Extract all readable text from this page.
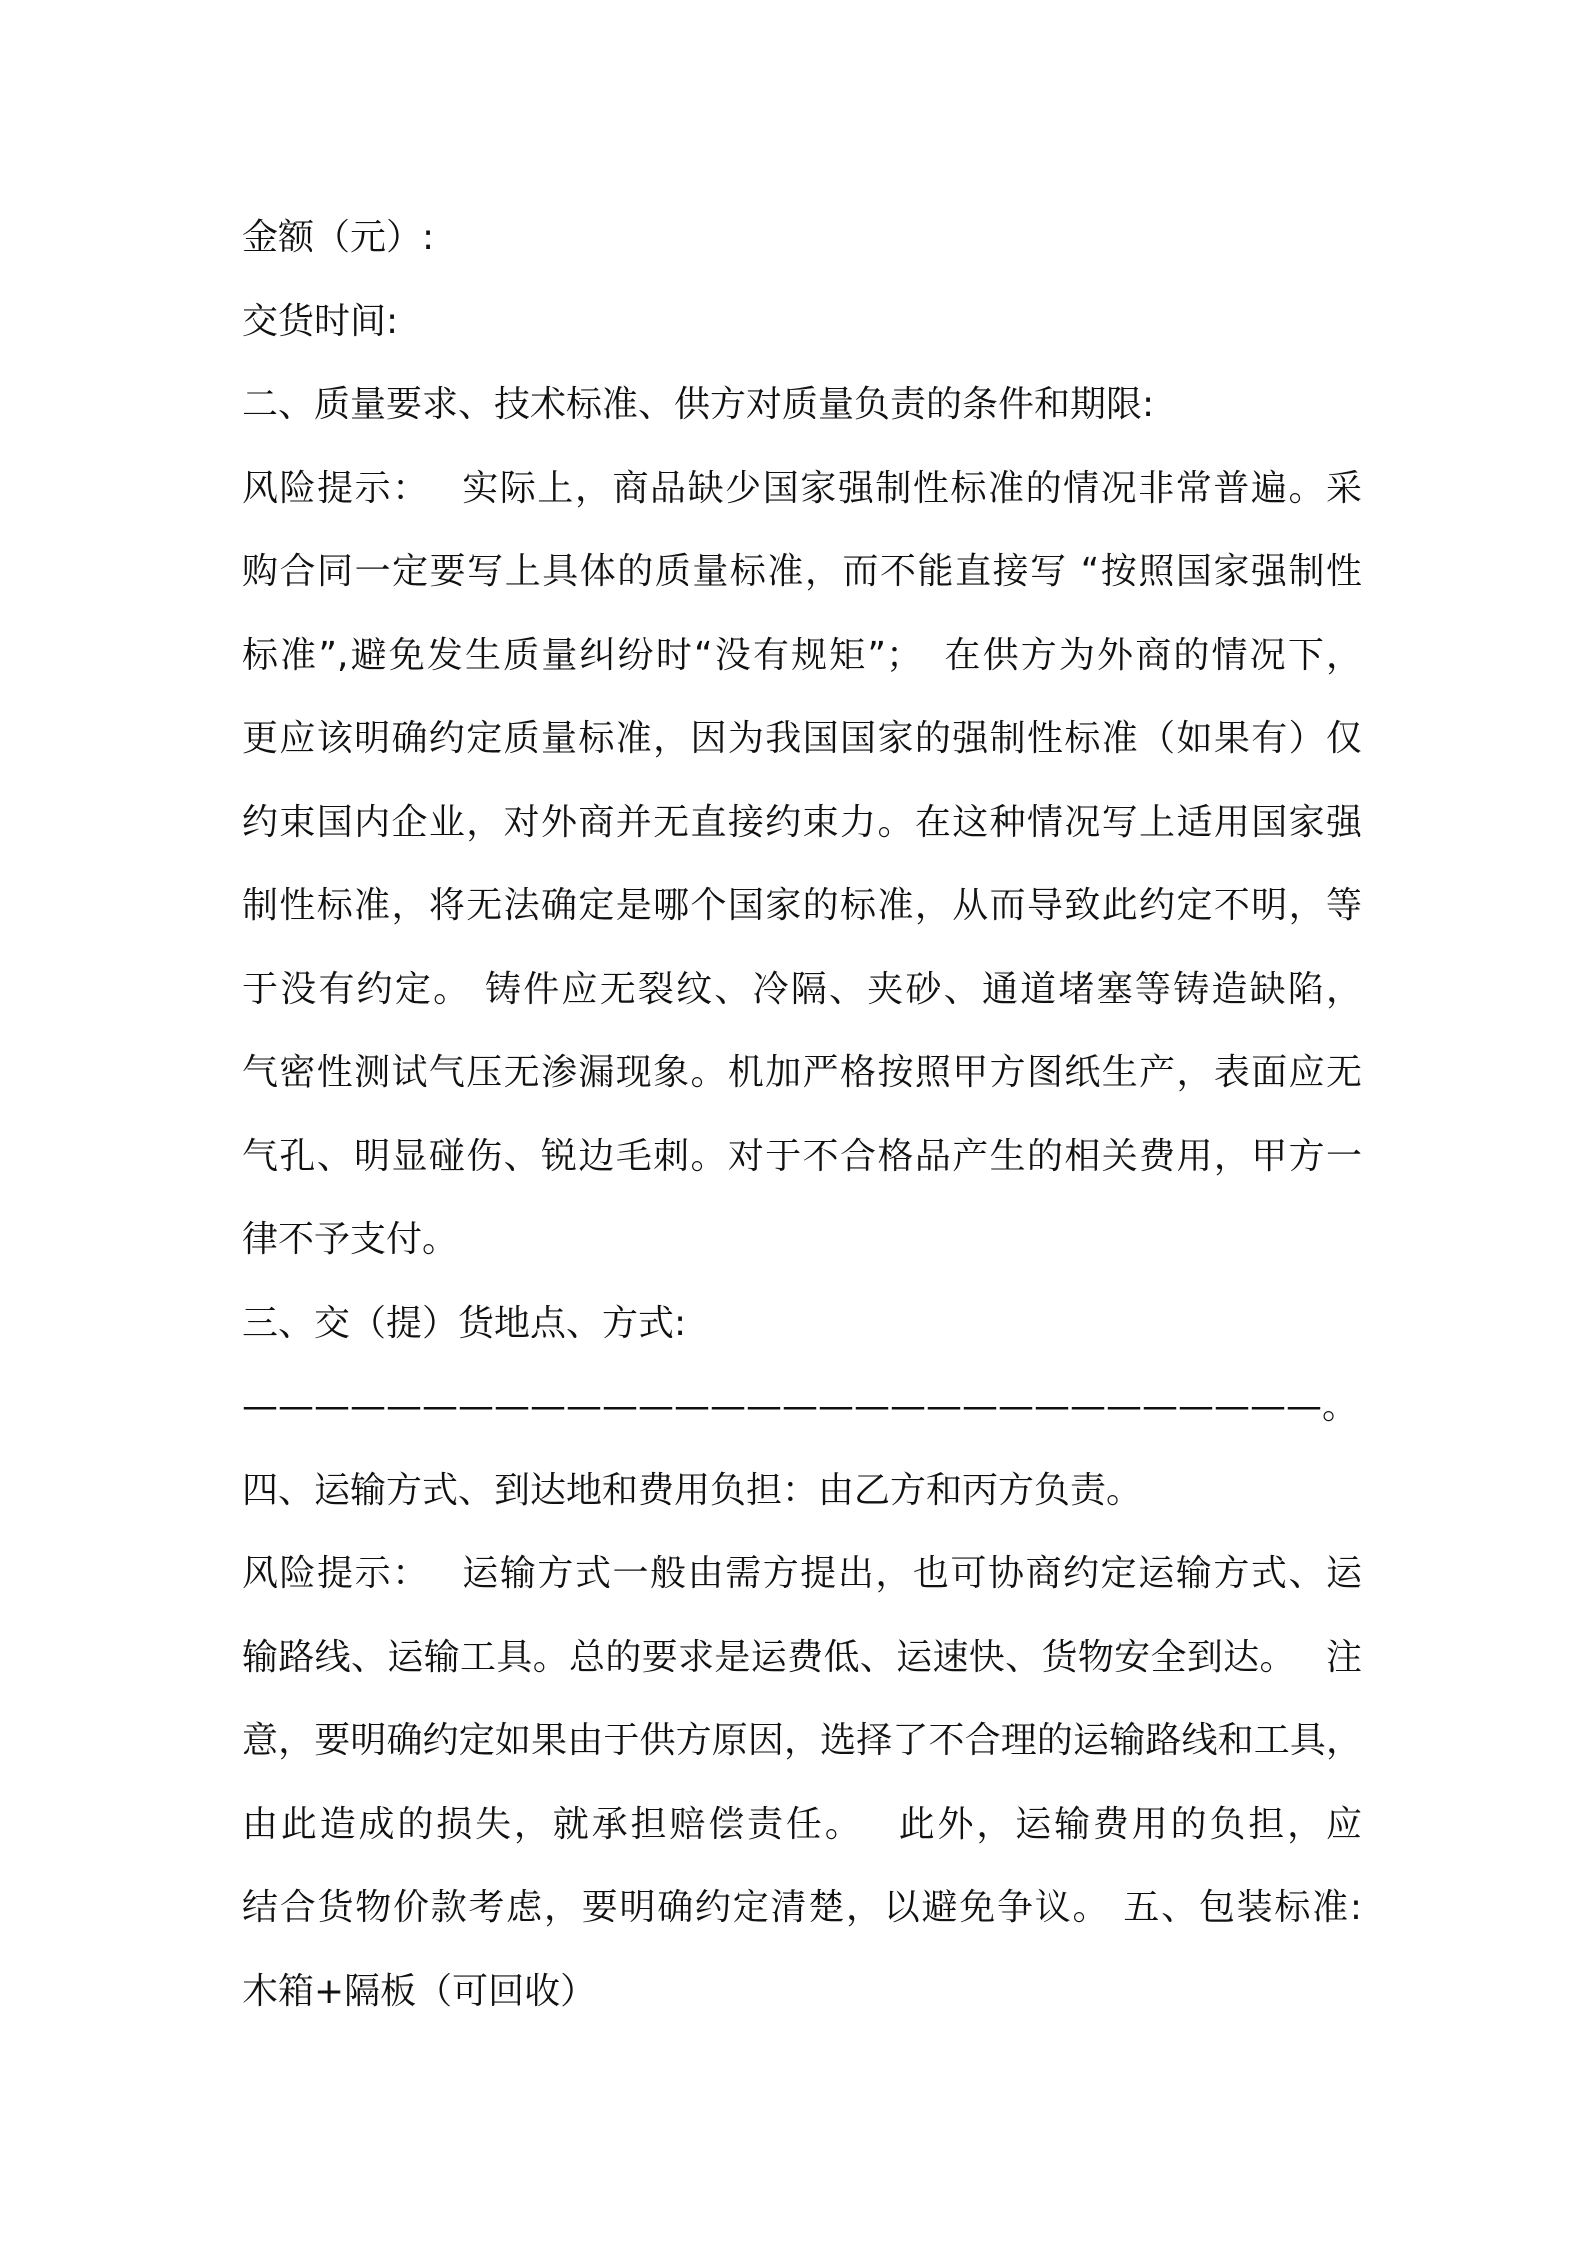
金额（元）:
交货时间:
二、质量要求、技术标准、供方对质量负责的条件和期限:
风险提示：　 实际上，商品缺少国家强制性标准的情况非常普遍。采
购合同一定要写上具体的质量标准，而不能直接写 “按照国家强制性
标准”,避免发生质量纠纷时“没有规矩”；　在供方为外商的情况下，
更应该明确约定质量标准，因为我国国家的强制性标准（如果有）仅
约束国内企业，对外商并无直接约束力。在这种情况写上适用国家强
制性标准，将无法确定是哪个国家的标准，从而导致此约定不明，等
于没有约定。 铸件应无裂纹、冷隔、夹砂、通道堵塞等铸造缺陷，
气密性测试气压无渗漏现象。机加严格按照甲方图纸生产，表面应无
气孔、明显碰伤、锐边毛刺。对于不合格品产生的相关费用，甲方一
律不予支付。
三、交（提）货地点、方式:
——————————————————————————————。
四、运输方式、到达地和费用负担：由乙方和丙方负责。
风险提示：　 运输方式一般由需方提出，也可协商约定运输方式、运
输路线、运输工具。总的要求是运费低、运速快、货物安全到达。　 注
意，要明确约定如果由于供方原因，选择了不合理的运输路线和工具，
由此造成的损失，就承担赔偿责任。　 此外，运输费用的负担，应
结合货物价款考虑，要明确约定清楚，以避免争议。 五、包装标准:
木箱+隔板（可回收）
